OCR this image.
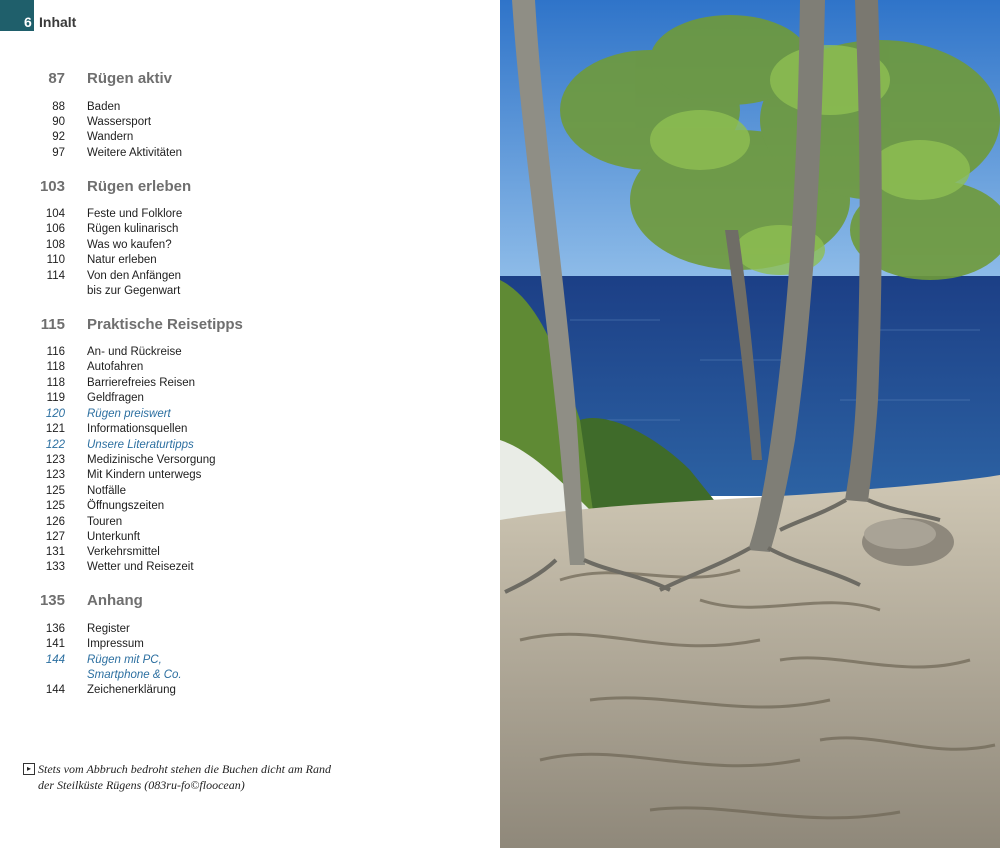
6 Inhalt
87 Rügen aktiv
88 Baden
90 Wassersport
92 Wandern
97 Weitere Aktivitäten
103 Rügen erleben
104 Feste und Folklore
106 Rügen kulinarisch
108 Was wo kaufen?
110 Natur erleben
114 Von den Anfängen
bis zur Gegenwart
115 Praktische Reisetipps
116 An- und Rückreise
118 Autofahren
118 Barrierefreies Reisen
119 Geldfragen
120 Rügen preiswert
121 Informationsquellen
122 Unsere Literaturtipps
123 Medizinische Versorgung
123 Mit Kindern unterwegs
125 Notfälle
125 Öffnungszeiten
126 Touren
127 Unterkunft
131 Verkehrsmittel
133 Wetter und Reisezeit
135 Anhang
136 Register
141 Impressum
144 Rügen mit PC,
Smartphone & Co.
144 Zeichenerklärung
▸ Stets vom Abbruch bedroht stehen die Buchen dicht am Rand
der Steilküste Rügens (083ru-fo©floocean)
